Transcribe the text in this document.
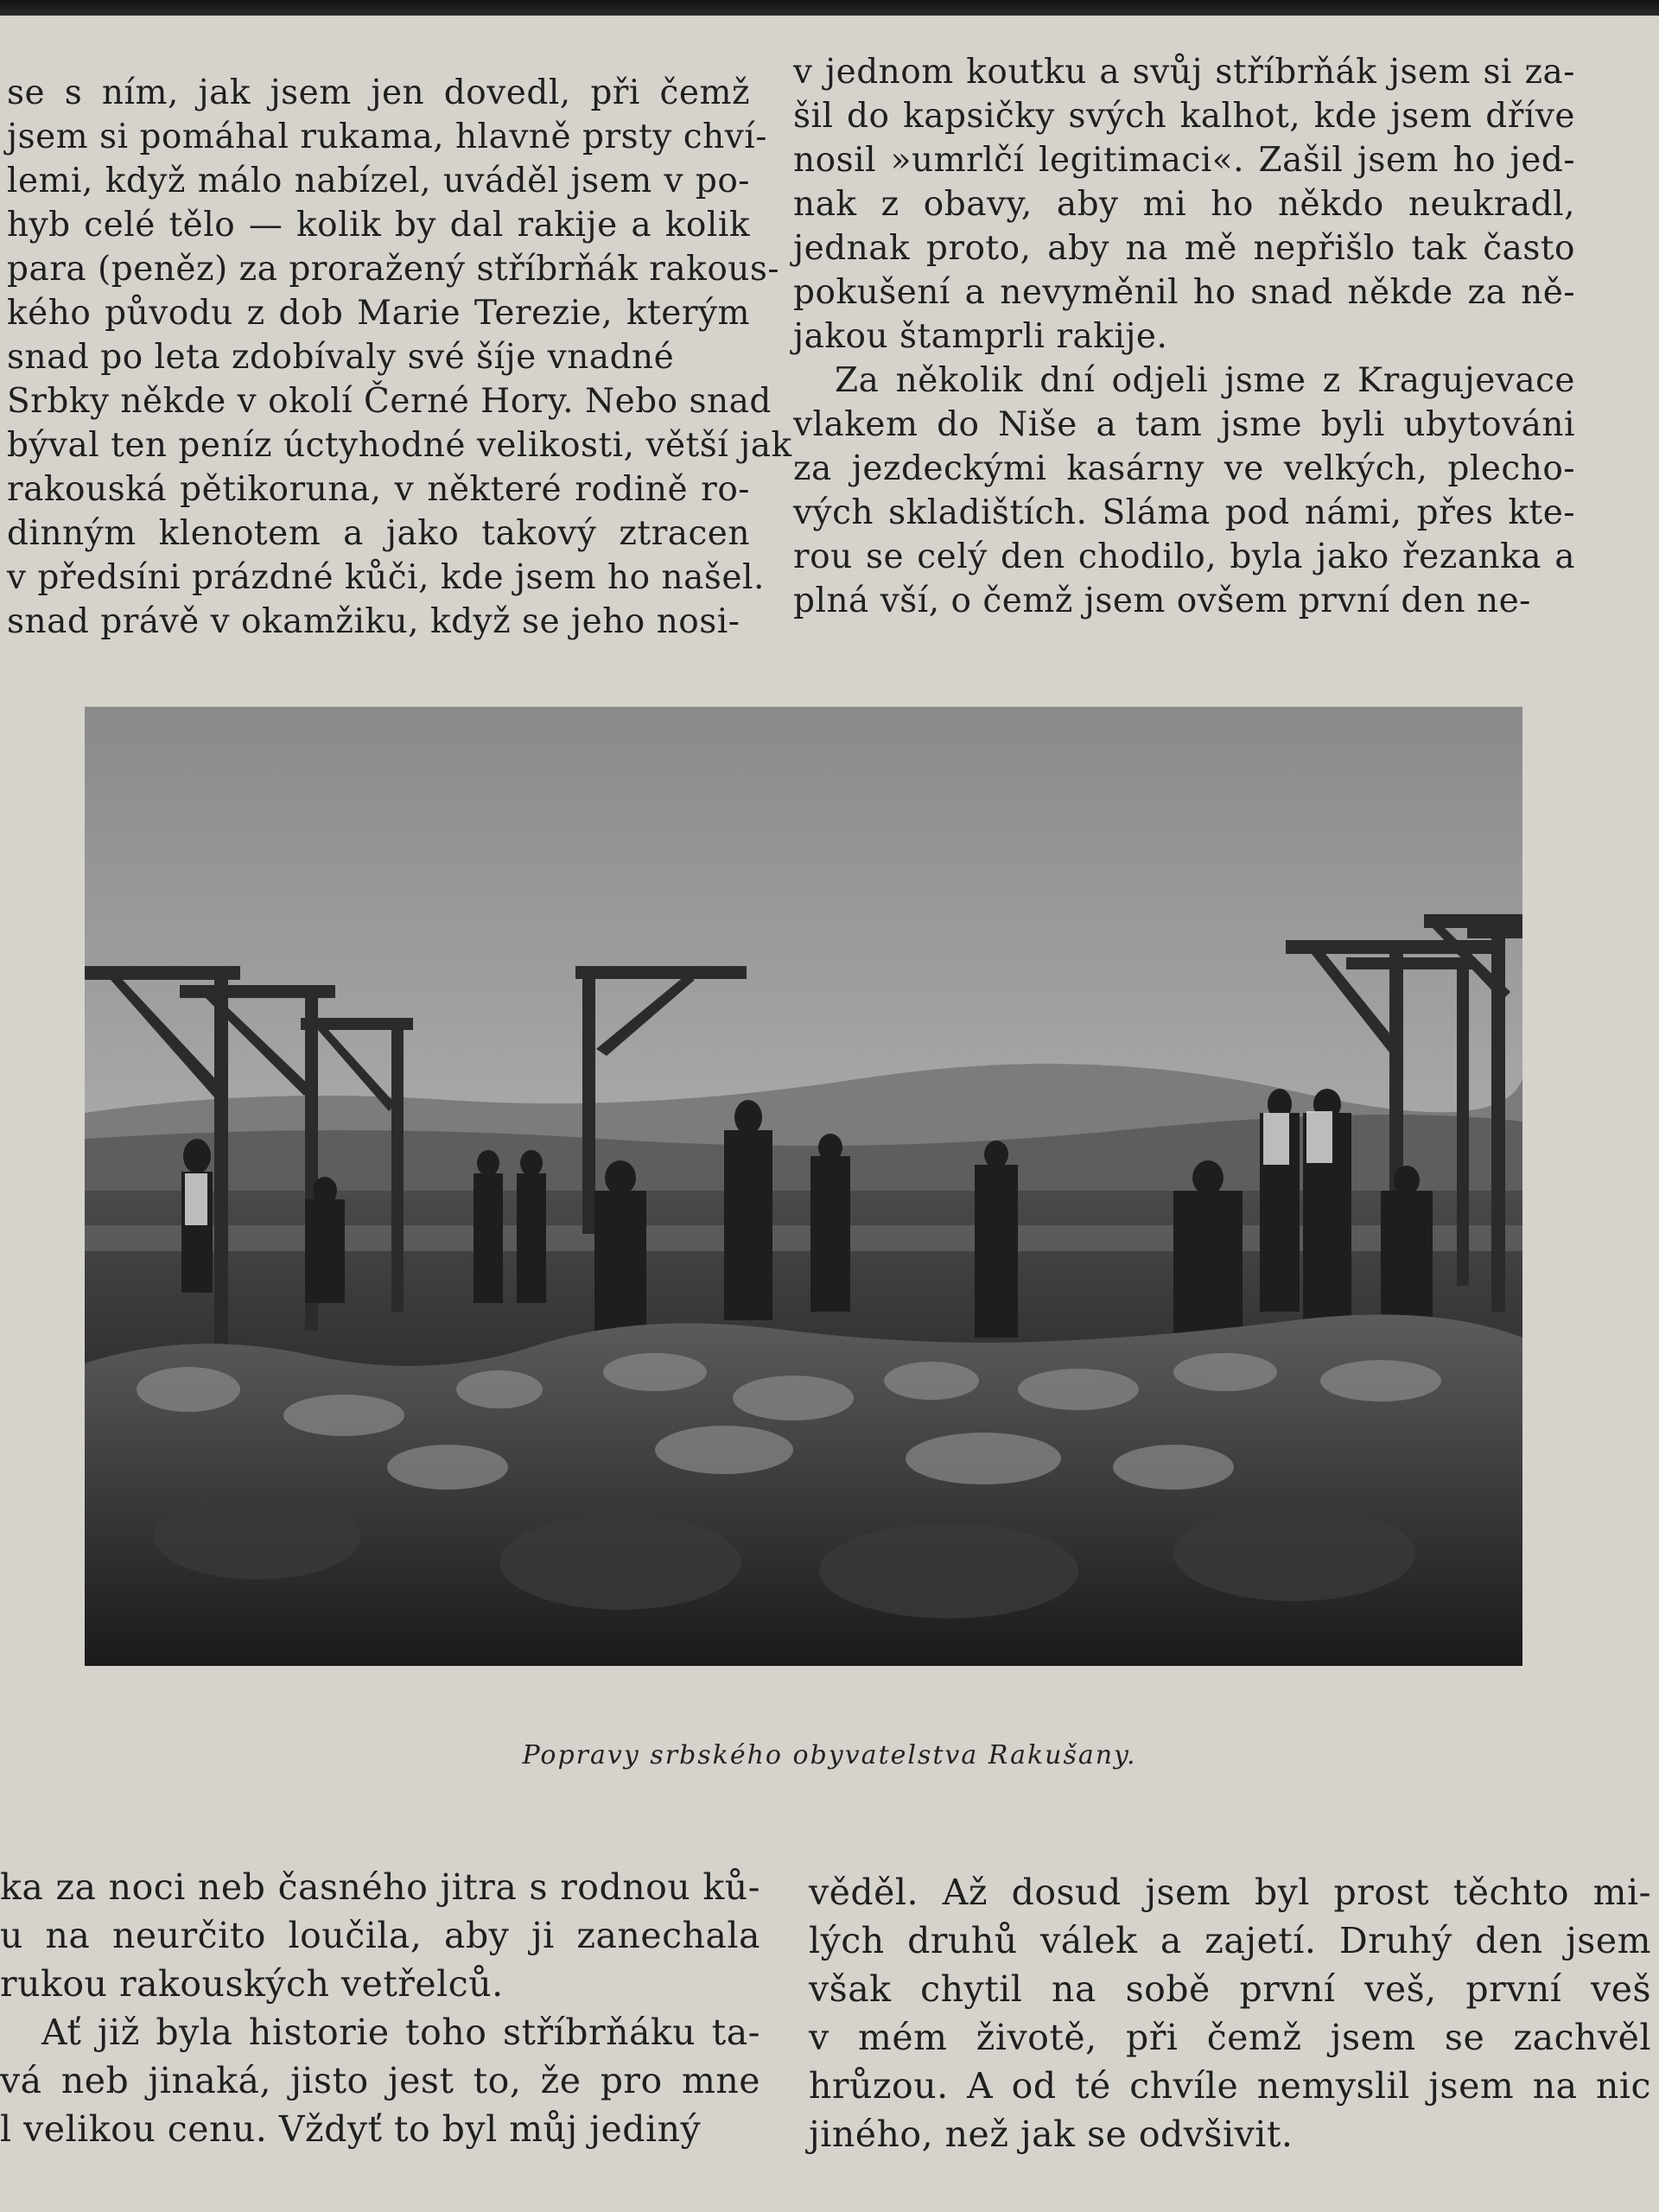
se s ním, jak jsem jen dovedl, při čemž
jsem si pomáhal rukama, hlavně prsty chví-
lemi, když málo nabízel, uváděl jsem v po-
hyb celé tělo — kolik by dal rakije a kolik
para (peněz) za proražený stříbrňák rakous-
kého původu z dob Marie Terezie, kterým
snad po leta zdobívaly své šíje vnadné
Srbky někde v okolí Černé Hory. Nebo snad
býval ten peníz úctyhodné velikosti, větší jak
rakouská pětikoruna, v některé rodině ro-
dinným klenotem a jako takový ztracen
v předsíni prázdné kůči, kde jsem ho našel.
snad právě v okamžiku, když se jeho nosi-
v jednom koutku a svůj stříbrňák jsem si za-
šil do kapsičky svých kalhot, kde jsem dříve
nosil »umrlčí legitimaci«. Zašil jsem ho jed-
nak z obavy, aby mi ho někdo neukradl,
jednak proto, aby na mě nepřišlo tak často
pokušení a nevyměnil ho snad někde za ně-
jakou štamprli rakije.
Za několik dní odjeli jsme z Kragujevace
vlakem do Niše a tam jsme byli ubytováni
za jezdeckými kasárny ve velkých, plecho-
vých skladištích. Sláma pod námi, přes kte-
rou se celý den chodilo, byla jako řezanka a
plná vší, o čemž jsem ovšem první den ne-
Popravy srbského obyvatelstva Rakušany.
ka za noci neb časného jitra s rodnou ků-
u na neurčito loučila, aby ji zanechala
rukou rakouských vetřelců.
Ať již byla historie toho stříbrňáku ta-
vá neb jinaká, jisto jest to, že pro mne
l velikou cenu. Vždyť to byl můj jediný
věděl. Až dosud jsem byl prost těchto mi-
lých druhů válek a zajetí. Druhý den jsem
však chytil na sobě první veš, první veš
v mém životě, při čemž jsem se zachvěl
hrůzou. A od té chvíle nemyslil jsem na nic
jiného, než jak se odvšivit.
